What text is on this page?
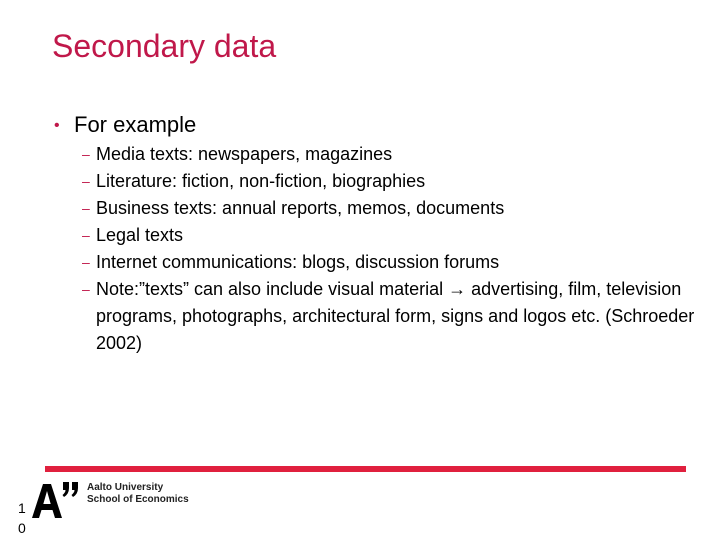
Secondary data
• For example
– Media texts: newspapers, magazines
– Literature: fiction, non-fiction, biographies
– Business texts: annual reports, memos, documents
– Legal texts
– Internet communications: blogs, discussion forums
– Note:”texts” can also include visual material → advertising, film, television programs, photographs, architectural form, signs and logos etc. (Schroeder 2002)
Aalto University
School of Economics
1
0
